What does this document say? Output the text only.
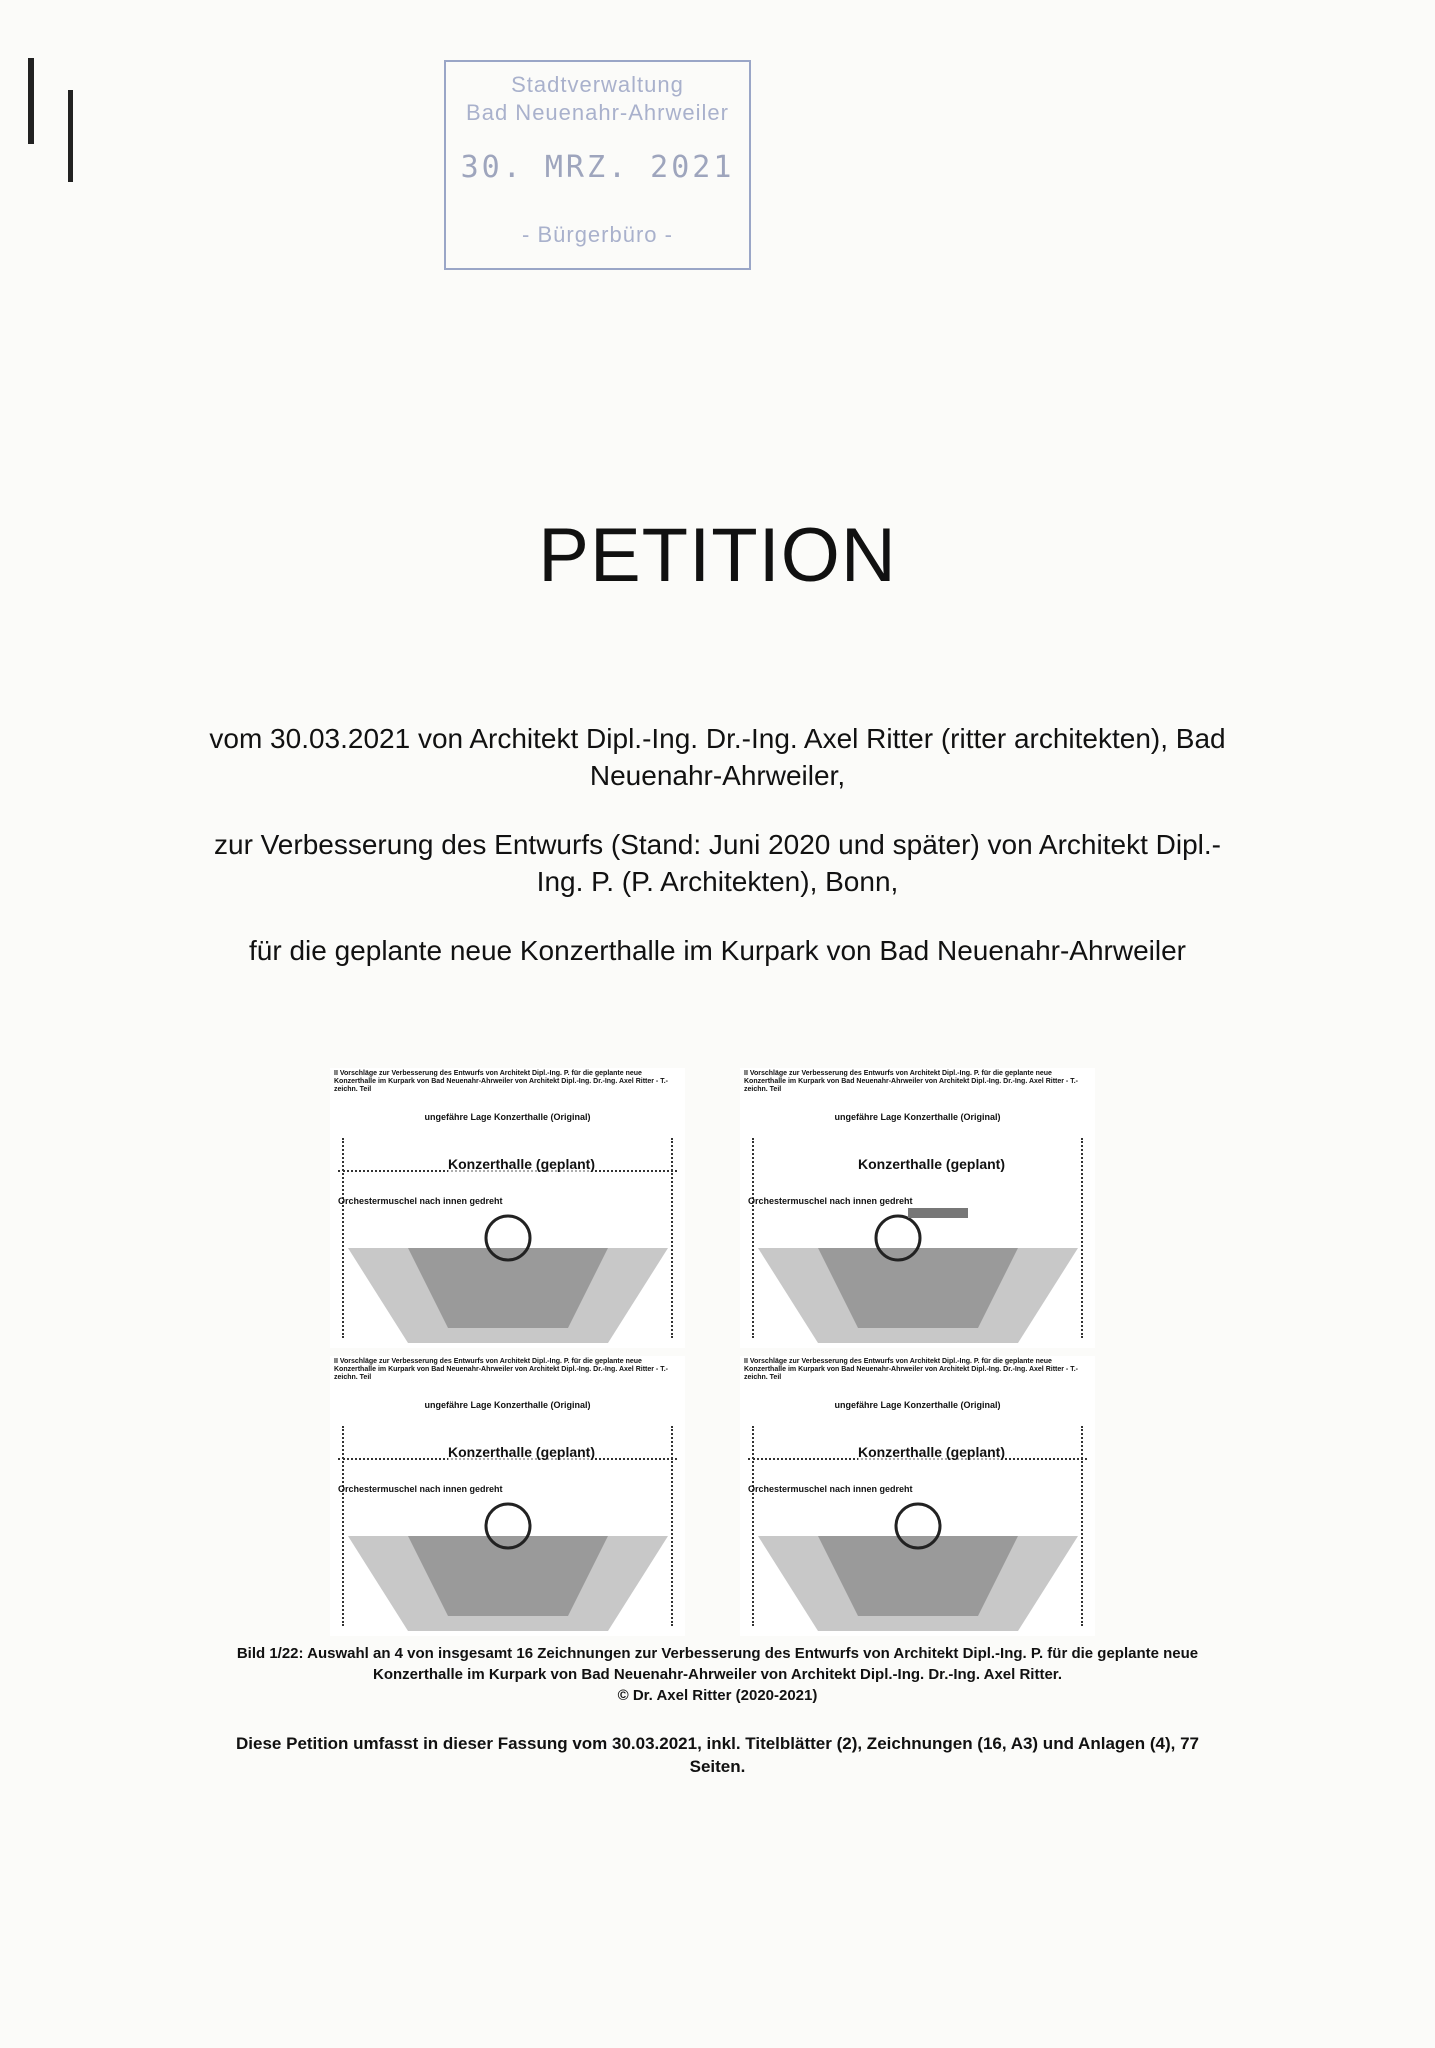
Stadtverwaltung
Bad Neuenahr-Ahrweiler
30. MRZ. 2021
- Bürgerbüro -
PETITION
vom 30.03.2021 von Architekt Dipl.-Ing. Dr.-Ing. Axel Ritter (ritter architekten), Bad Neuenahr-Ahrweiler,
zur Verbesserung des Entwurfs (Stand: Juni 2020 und später) von Architekt Dipl.-Ing. P. (P. Architekten), Bonn,
für die geplante neue Konzerthalle im Kurpark von Bad Neuenahr-Ahrweiler
II Vorschläge zur Verbesserung des Entwurfs von Architekt Dipl.-Ing. P. für die geplante neue Konzerthalle im Kurpark von Bad Neuenahr-Ahrweiler von Architekt Dipl.-Ing. Dr.-Ing. Axel Ritter - T.-zeichn. Teil
ungefähre Lage Konzerthalle (Original)
Konzerthalle (geplant)
Orchestermuschel nach innen gedreht
II Vorschläge zur Verbesserung des Entwurfs von Architekt Dipl.-Ing. P. für die geplante neue Konzerthalle im Kurpark von Bad Neuenahr-Ahrweiler von Architekt Dipl.-Ing. Dr.-Ing. Axel Ritter - T.-zeichn. Teil
ungefähre Lage Konzerthalle (Original)
Konzerthalle (geplant)
Orchestermuschel nach innen gedreht
II Vorschläge zur Verbesserung des Entwurfs von Architekt Dipl.-Ing. P. für die geplante neue Konzerthalle im Kurpark von Bad Neuenahr-Ahrweiler von Architekt Dipl.-Ing. Dr.-Ing. Axel Ritter - T.-zeichn. Teil
ungefähre Lage Konzerthalle (Original)
Konzerthalle (geplant)
Orchestermuschel nach innen gedreht
II Vorschläge zur Verbesserung des Entwurfs von Architekt Dipl.-Ing. P. für die geplante neue Konzerthalle im Kurpark von Bad Neuenahr-Ahrweiler von Architekt Dipl.-Ing. Dr.-Ing. Axel Ritter - T.-zeichn. Teil
ungefähre Lage Konzerthalle (Original)
Konzerthalle (geplant)
Orchestermuschel nach innen gedreht
Bild 1/22: Auswahl an 4 von insgesamt 16 Zeichnungen zur Verbesserung des Entwurfs von Architekt Dipl.-Ing. P. für die geplante neue Konzerthalle im Kurpark von Bad Neuenahr-Ahrweiler von Architekt Dipl.-Ing. Dr.-Ing. Axel Ritter.
© Dr. Axel Ritter (2020-2021)
Diese Petition umfasst in dieser Fassung vom 30.03.2021, inkl. Titelblätter (2), Zeichnungen (16, A3) und Anlagen (4), 77 Seiten.
